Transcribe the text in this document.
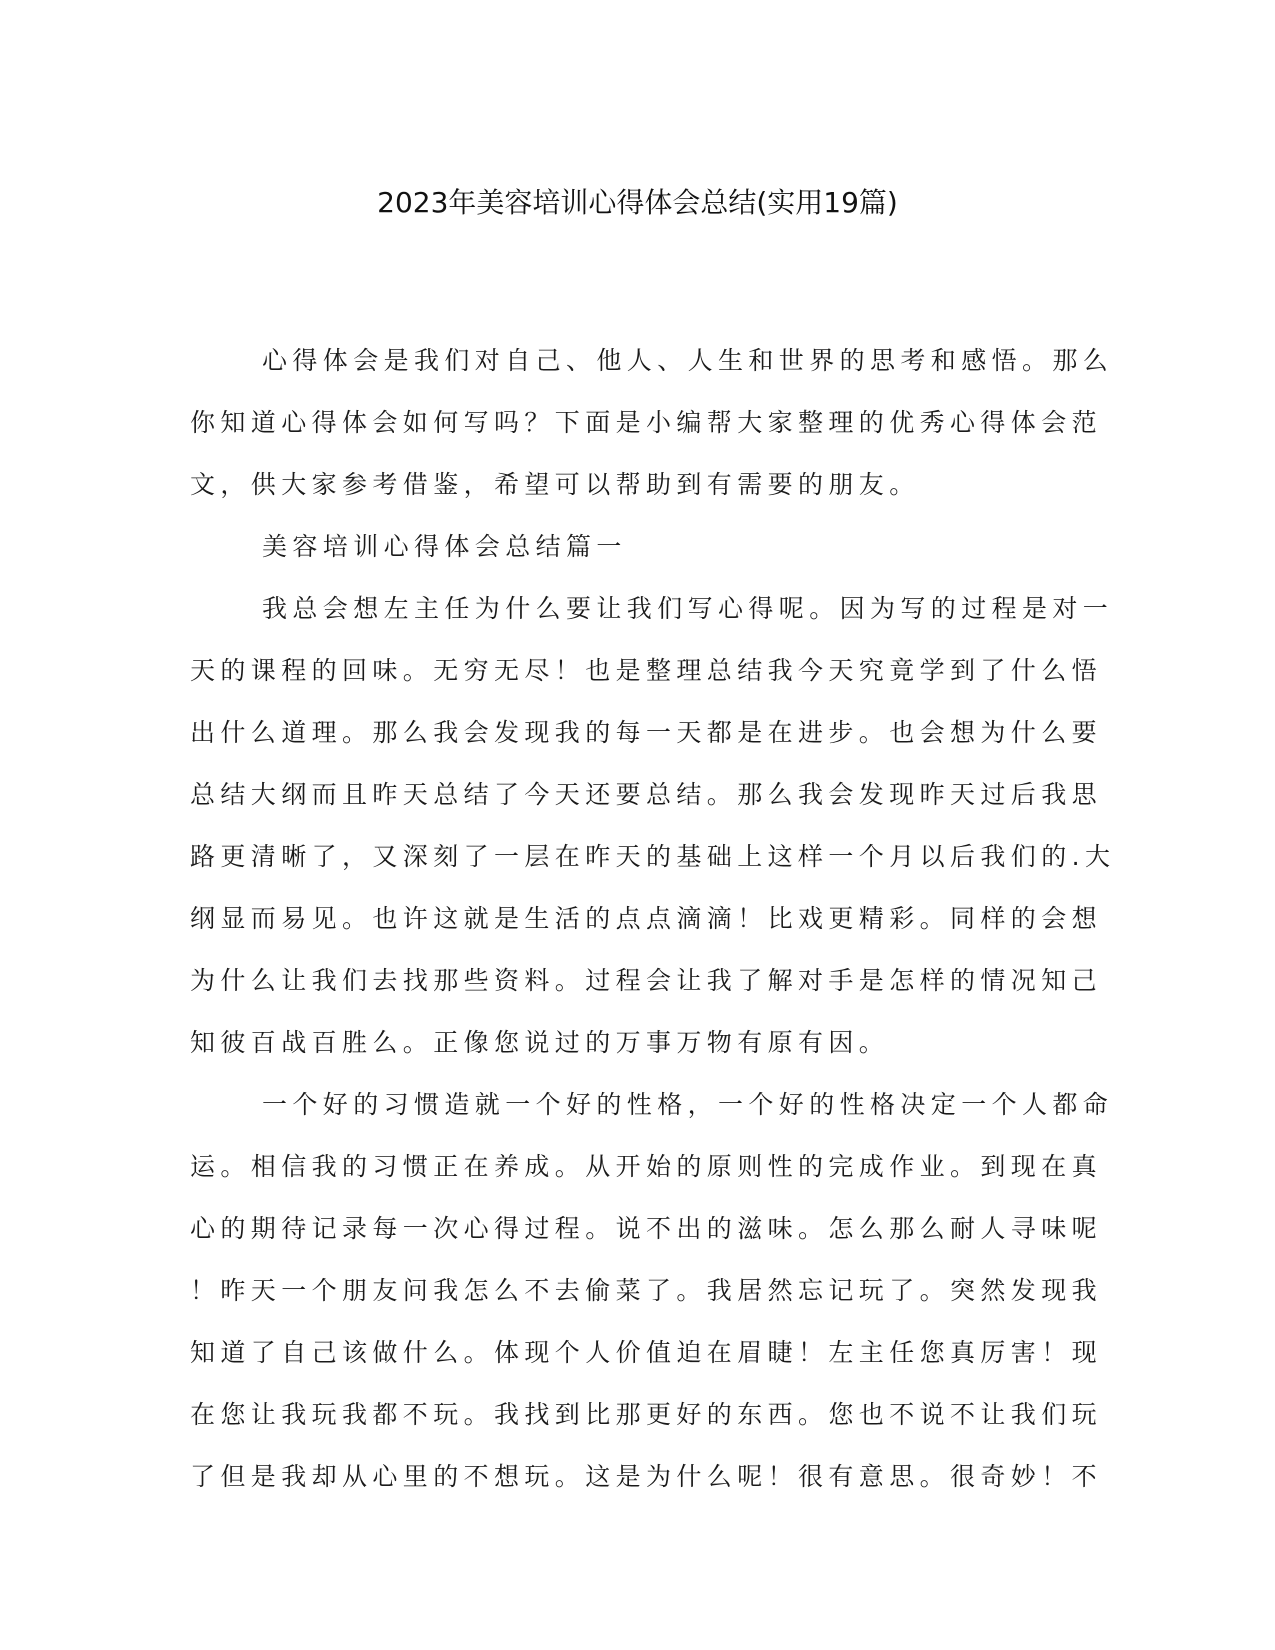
2023年美容培训心得体会总结(实用19篇)
心得体会是我们对自己、他人、人生和世界的思考和感悟。那么
你知道心得体会如何写吗？下面是小编帮大家整理的优秀心得体会范
文，供大家参考借鉴，希望可以帮助到有需要的朋友。
美容培训心得体会总结篇一
我总会想左主任为什么要让我们写心得呢。因为写的过程是对一
天的课程的回味。无穷无尽！也是整理总结我今天究竟学到了什么悟
出什么道理。那么我会发现我的每一天都是在进步。也会想为什么要
总结大纲而且昨天总结了今天还要总结。那么我会发现昨天过后我思
路更清晰了，又深刻了一层在昨天的基础上这样一个月以后我们的.大
纲显而易见。也许这就是生活的点点滴滴！比戏更精彩。同样的会想
为什么让我们去找那些资料。过程会让我了解对手是怎样的情况知己
知彼百战百胜么。正像您说过的万事万物有原有因。
一个好的习惯造就一个好的性格，一个好的性格决定一个人都命
运。相信我的习惯正在养成。从开始的原则性的完成作业。到现在真
心的期待记录每一次心得过程。说不出的滋味。怎么那么耐人寻味呢
！昨天一个朋友问我怎么不去偷菜了。我居然忘记玩了。突然发现我
知道了自己该做什么。体现个人价值迫在眉睫！左主任您真厉害！现
在您让我玩我都不玩。我找到比那更好的东西。您也不说不让我们玩
了但是我却从心里的不想玩。这是为什么呢！很有意思。很奇妙！不
